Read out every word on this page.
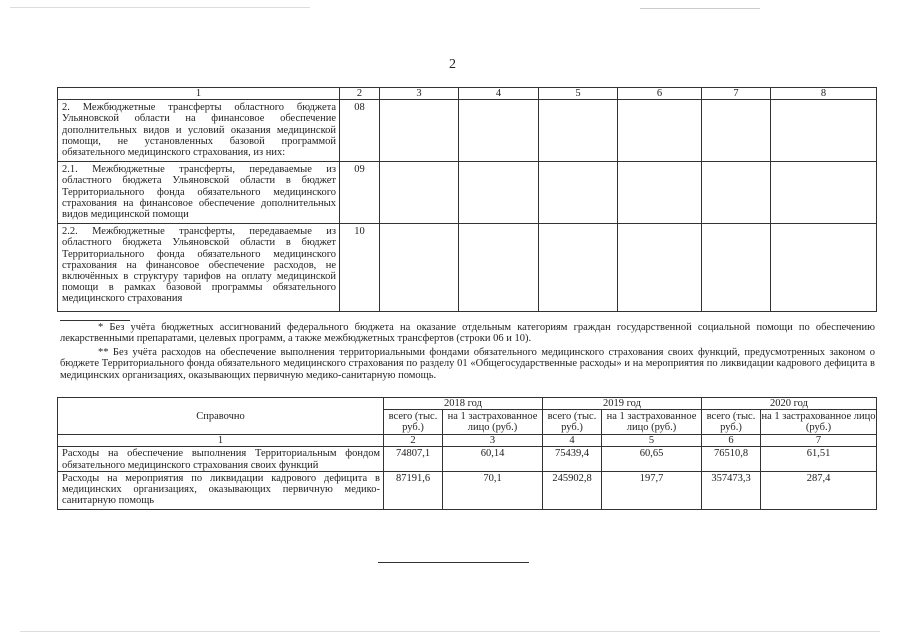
2
1	2	3	4	5	6	7	8
2. Межбюджетные трансферты областного бюджета Ульяновской области на финансовое обеспечение дополнительных видов и условий оказания медицинской помощи, не установленных базовой программой обязательного медицинского страхования, из них:	08						
2.1. Межбюджетные трансферты, передаваемые из областного бюджета Ульяновской области в бюджет Территориального фонда обязательного медицинского страхования на финансовое обеспечение дополнительных видов медицинской помощи	09						
2.2. Межбюджетные трансферты, передаваемые из областного бюджета Ульяновской области в бюджет Территориального фонда обязательного медицинского страхования на финансовое обеспечение расходов, не включённых в структуру тарифов на оплату медицинской помощи в рамках базовой программы обязательного медицинского страхования	10						

* Без учёта бюджетных ассигнований федерального бюджета на оказание отдельным категориям граждан государственной социальной помощи по обеспечению лекарственными препаратами, целевых программ, а также межбюджетных трансфертов (строки 06 и 10).

** Без учёта расходов на обеспечение выполнения территориальными фондами обязательного медицинского страхования своих функций, предусмотренных законом о бюджете Территориального фонда обязательного медицинского страхования по разделу 01 «Общегосударственные расходы» и на мероприятия по ликвидации кадрового дефицита в медицинских организациях, оказывающих первичную медико-санитарную помощь.

Справочно	2018 год		2019 год		2020 год	
	всего (тыс. руб.)	на 1 застрахованное лицо (руб.)	всего (тыс. руб.)	на 1 застрахованное лицо (руб.)	всего (тыс. руб.)	на 1 застрахованное лицо (руб.)
1	2	3	4	5	6	7
Расходы на обеспечение выполнения Территориальным фондом обязательного медицинского страхования своих функций	74807,1	60,14	75439,4	60,65	76510,8	61,51
Расходы на мероприятия по ликвидации кадрового дефицита в медицинских организациях, оказывающих первичную медико-санитарную помощь	87191,6	70,1	245902,8	197,7	357473,3	287,4
